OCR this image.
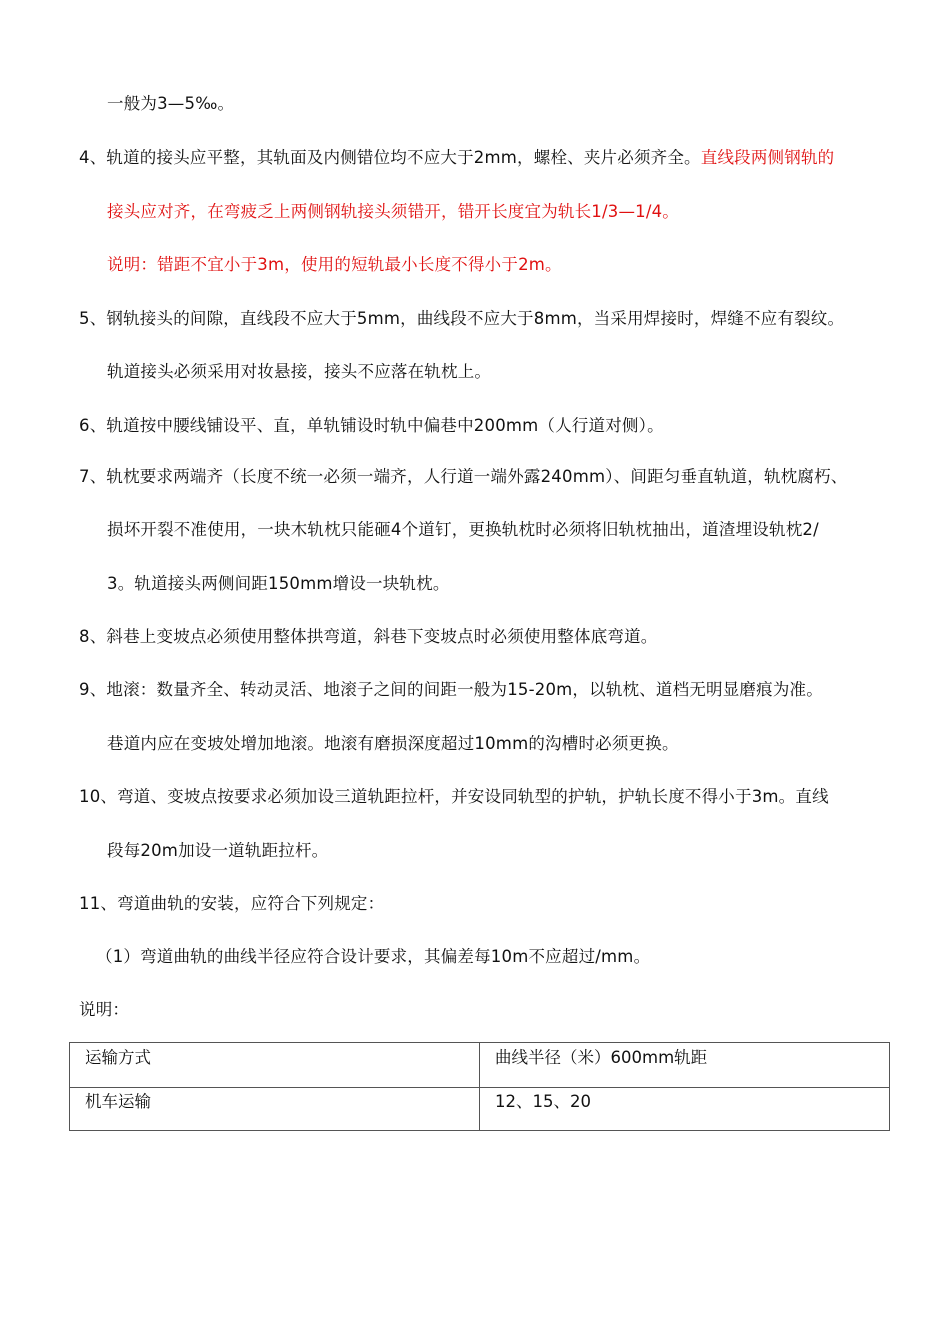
一般为3—5‰。
4、轨道的接头应平整，其轨面及内侧错位均不应大于2mm，螺栓、夹片必须齐全。直线段两侧钢轨的
接头应对齐，在弯疲乏上两侧钢轨接头须错开，错开长度宜为轨长1/3—1/4。
说明：错距不宜小于3m，使用的短轨最小长度不得小于2m。
5、钢轨接头的间隙，直线段不应大于5mm，曲线段不应大于8mm，当采用焊接时，焊缝不应有裂纹。
轨道接头必须采用对妆悬接，接头不应落在轨枕上。
6、轨道按中腰线铺设平、直，单轨铺设时轨中偏巷中200mm（人行道对侧）。
7、轨枕要求两端齐（长度不统一必须一端齐，人行道一端外露240mm）、间距匀垂直轨道，轨枕腐朽、
损坏开裂不准使用，一块木轨枕只能砸4个道钉，更换轨枕时必须将旧轨枕抽出，道渣埋设轨枕2/
3。轨道接头两侧间距150mm增设一块轨枕。
8、斜巷上变坡点必须使用整体拱弯道，斜巷下变坡点时必须使用整体底弯道。
9、地滚：数量齐全、转动灵活、地滚子之间的间距一般为15-20m，以轨枕、道档无明显磨痕为准。
巷道内应在变坡处增加地滚。地滚有磨损深度超过10mm的沟槽时必须更换。
10、弯道、变坡点按要求必须加设三道轨距拉杆，并安设同轨型的护轨，护轨长度不得小于3m。直线
段每20m加设一道轨距拉杆。
11、弯道曲轨的安装，应符合下列规定：
（1）弯道曲轨的曲线半径应符合设计要求，其偏差每10m不应超过/mm。
说明：
运输方式	曲线半径（米）600mm轨距
机车运输	12、15、20
